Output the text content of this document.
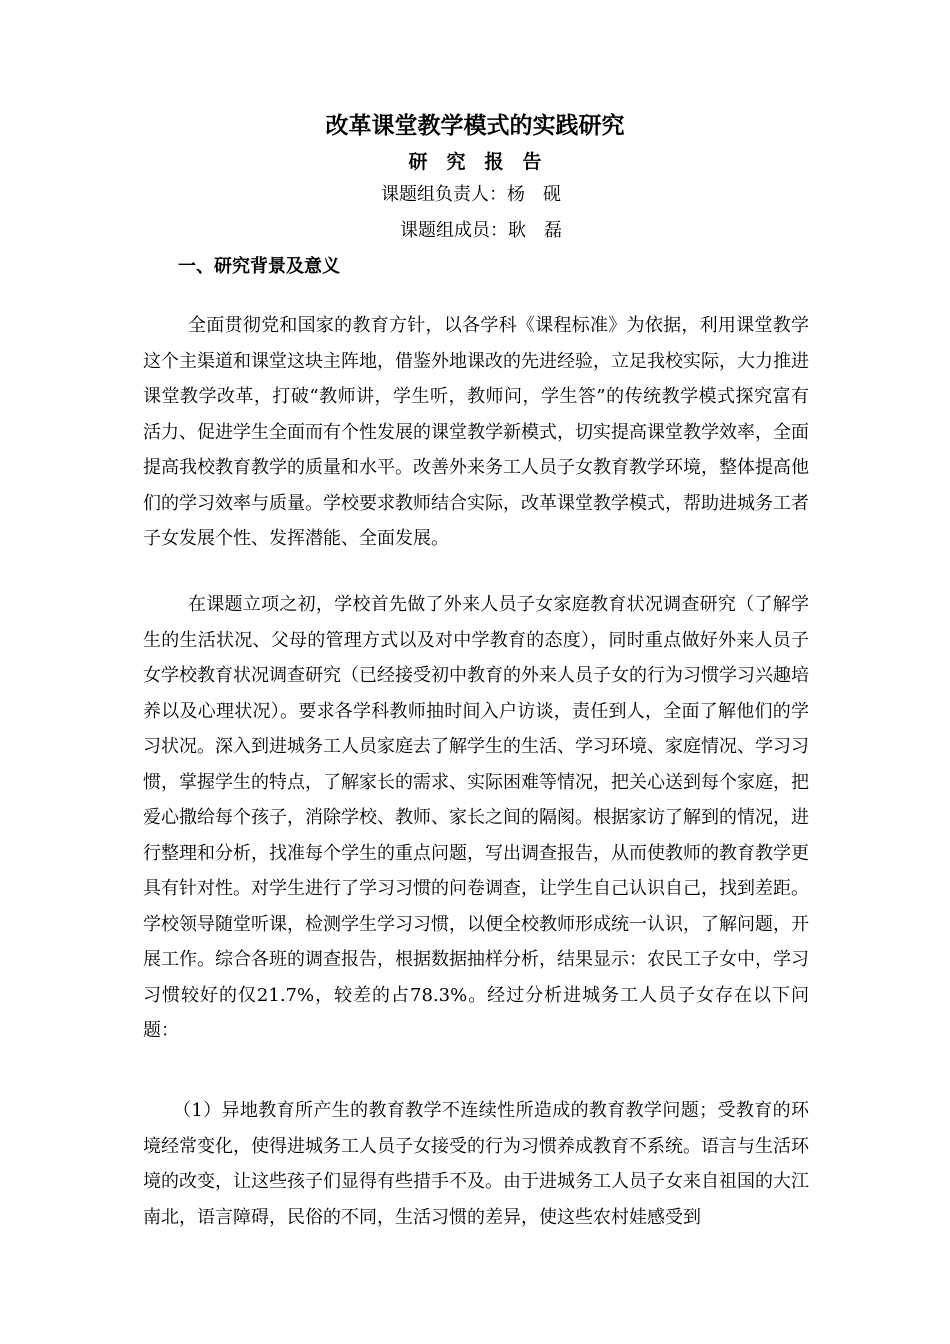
改革课堂教学模式的实践研究
研　究　报　告
课题组负责人：杨　砚
课题组成员：耿　磊
一、研究背景及意义

全面贯彻党和国家的教育方针，以各学科《课程标准》为依据，利用课堂教学这个主渠道和课堂这块主阵地，借鉴外地课改的先进经验，立足我校实际，大力推进课堂教学改革，打破“教师讲，学生听，教师问，学生答”的传统教学模式探究富有活力、促进学生全面而有个性发展的课堂教学新模式，切实提高课堂教学效率，全面提高我校教育教学的质量和水平。改善外来务工人员子女教育教学环境，整体提高他们的学习效率与质量。学校要求教师结合实际，改革课堂教学模式，帮助进城务工者子女发展个性、发挥潜能、全面发展。

在课题立项之初，学校首先做了外来人员子女家庭教育状况调查研究（了解学生的生活状况、父母的管理方式以及对中学教育的态度），同时重点做好外来人员子女学校教育状况调查研究（已经接受初中教育的外来人员子女的行为习惯学习兴趣培养以及心理状况）。要求各学科教师抽时间入户访谈，责任到人，全面了解他们的学习状况。深入到进城务工人员家庭去了解学生的生活、学习环境、家庭情况、学习习惯，掌握学生的特点，了解家长的需求、实际困难等情况，把关心送到每个家庭，把爱心撒给每个孩子，消除学校、教师、家长之间的隔阂。根据家访了解到的情况，进行整理和分析，找准每个学生的重点问题，写出调查报告，从而使教师的教育教学更具有针对性。对学生进行了学习习惯的问卷调查，让学生自己认识自己，找到差距。学校领导随堂听课，检测学生学习习惯，以便全校教师形成统一认识，了解问题，开展工作。综合各班的调查报告，根据数据抽样分析，结果显示：农民工子女中，学习习惯较好的仅21.7%，较差的占78.3%。经过分析进城务工人员子女存在以下问题：

（1）异地教育所产生的教育教学不连续性所造成的教育教学问题；受教育的环境经常变化，使得进城务工人员子女接受的行为习惯养成教育不系统。语言与生活环境的改变，让这些孩子们显得有些措手不及。由于进城务工人员子女来自祖国的大江南北，语言障碍，民俗的不同，生活习惯的差异，使这些农村娃感受到
